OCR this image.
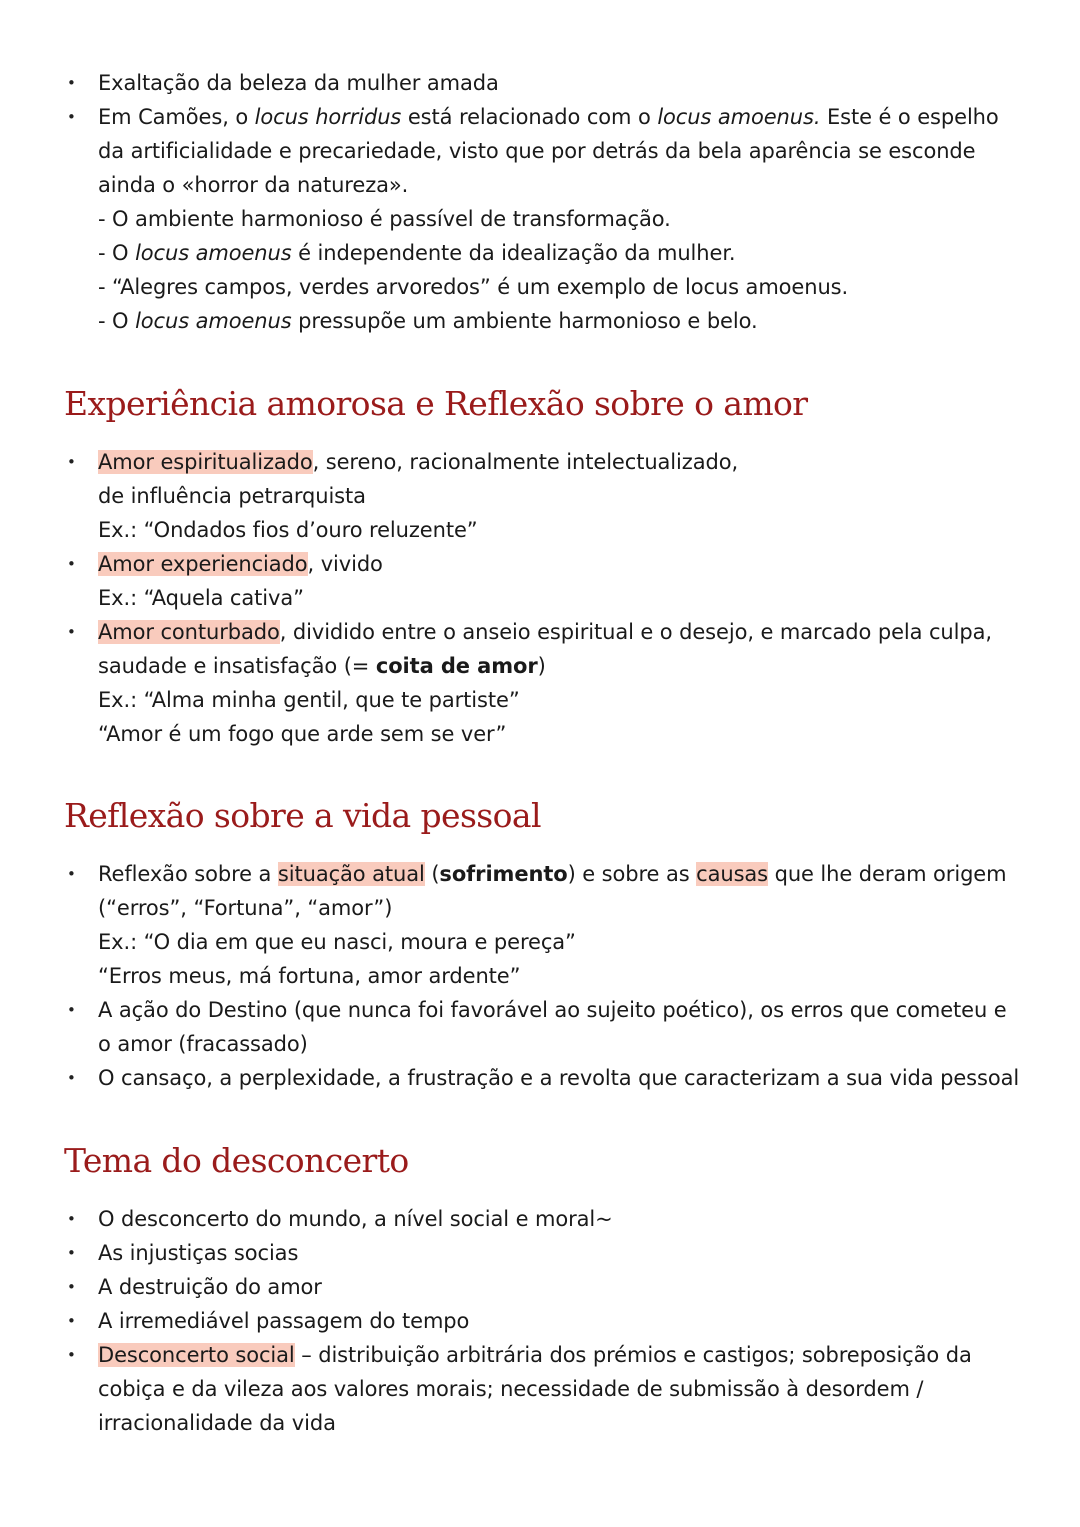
• Exaltação da beleza da mulher amada
• Em Camões, o locus horridus está relacionado com o locus amoenus. Este é o espelho
da artificialidade e precariedade, visto que por detrás da bela aparência se esconde
ainda o «horror da natureza».
- O ambiente harmonioso é passível de transformação.
- O locus amoenus é independente da idealização da mulher.
- “Alegres campos, verdes arvoredos” é um exemplo de locus amoenus.
- O locus amoenus pressupõe um ambiente harmonioso e belo.
Experiência amorosa e Reflexão sobre o amor
• Amor espiritualizado, sereno, racionalmente intelectualizado,
de influência petrarquista
Ex.: “Ondados fios d’ouro reluzente”
• Amor experienciado, vivido
Ex.: “Aquela cativa”
• Amor conturbado, dividido entre o anseio espiritual e o desejo, e marcado pela culpa,
saudade e insatisfação (= coita de amor)
Ex.: “Alma minha gentil, que te partiste”
“Amor é um fogo que arde sem se ver”
Reflexão sobre a vida pessoal
• Reflexão sobre a situação atual (sofrimento) e sobre as causas que lhe deram origem
(“erros”, “Fortuna”, “amor”)
Ex.: “O dia em que eu nasci, moura e pereça”
“Erros meus, má fortuna, amor ardente”
• A ação do Destino (que nunca foi favorável ao sujeito poético), os erros que cometeu e
o amor (fracassado)
• O cansaço, a perplexidade, a frustração e a revolta que caracterizam a sua vida pessoal
Tema do desconcerto
• O desconcerto do mundo, a nível social e moral~
• As injustiças socias
• A destruição do amor
• A irremediável passagem do tempo
• Desconcerto social – distribuição arbitrária dos prémios e castigos; sobreposição da
cobiça e da vileza aos valores morais; necessidade de submissão à desordem /
irracionalidade da vida
